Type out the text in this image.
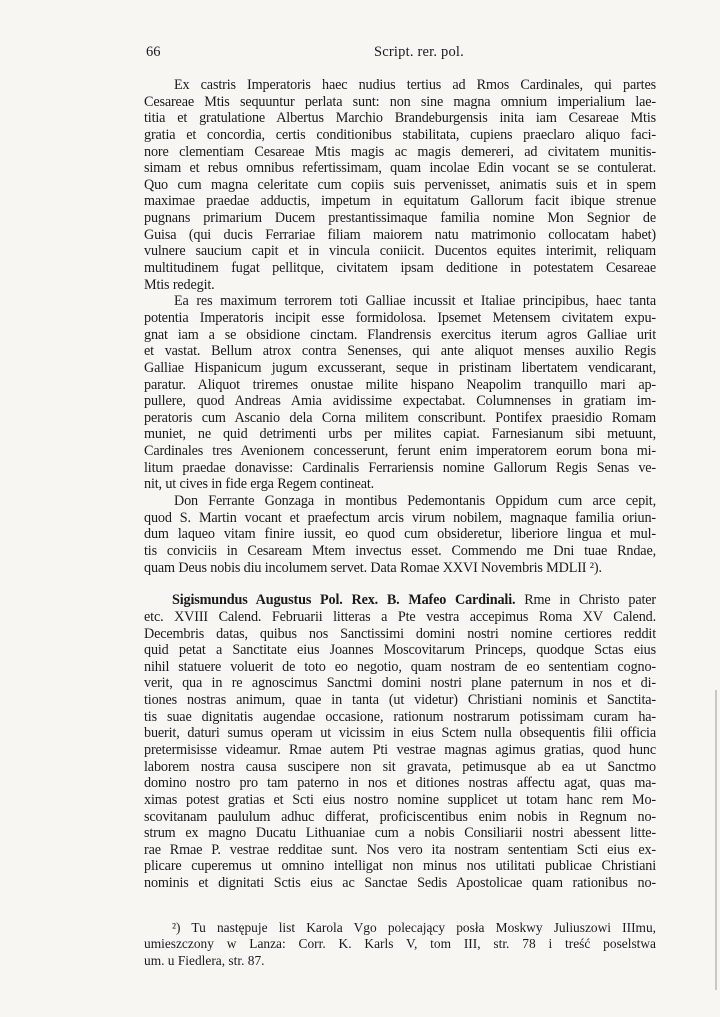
66	Script. rer. pol.
Ex castris Imperatoris haec nudius tertius ad Rmos Cardinales, qui partes
Cesareae Mtis sequuntur perlata sunt: non sine magna omnium imperialium lae-
titia et gratulatione Albertus Marchio Brandeburgensis inita iam Cesareae Mtis
gratia et concordia, certis conditionibus stabilitata, cupiens praeclaro aliquo faci-
nore clementiam Cesareae Mtis magis ac magis demereri, ad civitatem munitis-
simam et rebus omnibus refertissimam, quam incolae Edin vocant se se contulerat.
Quo cum magna celeritate cum copiis suis pervenisset, animatis suis et in spem
maximae praedae adductis, impetum in equitatum Gallorum facit ibique strenue
pugnans primarium Ducem prestantissimaque familia nomine Mon Segnior de
Guisa (qui ducis Ferrariae filiam maiorem natu matrimonio collocatam habet)
vulnere saucium capit et in vincula coniicit. Ducentos equites interimit, reliquam
multitudinem fugat pellitque, civitatem ipsam deditione in potestatem Cesareae
Mtis redegit.
Ea res maximum terrorem toti Galliae incussit et Italiae principibus, haec tanta
potentia Imperatoris incipit esse formidolosa. Ipsemet Metensem civitatem expu-
gnat iam a se obsidione cinctam. Flandrensis exercitus iterum agros Galliae urit
et vastat. Bellum atrox contra Senenses, qui ante aliquot menses auxilio Regis
Galliae Hispanicum jugum excusserant, seque in pristinam libertatem vendicarant,
paratur. Aliquot triremes onustae milite hispano Neapolim tranquillo mari ap-
pullere, quod Andreas Amia avidissime expectabat. Columnenses in gratiam im-
peratoris cum Ascanio dela Corna militem conscribunt. Pontifex praesidio Romam
muniet, ne quid detrimenti urbs per milites capiat. Farnesianum sibi metuunt,
Cardinales tres Avenionem concesserunt, ferunt enim imperatorem eorum bona mi-
litum praedae donavisse: Cardinalis Ferrariensis nomine Gallorum Regis Senas ve-
nit, ut cives in fide erga Regem contineat.
Don Ferrante Gonzaga in montibus Pedemontanis Oppidum cum arce cepit,
quod S. Martin vocant et praefectum arcis virum nobilem, magnaque familia oriun-
dum laqueo vitam finire iussit, eo quod cum obsideretur, liberiore lingua et mul-
tis conviciis in Cesaream Mtem invectus esset. Commendo me Dni tuae Rndae,
quam Deus nobis diu incolumem servet. Data Romae XXVI Novembris MDLII ²).
Sigismundus Augustus Pol. Rex. B. Mafeo Cardinali. Rme in Christo pater
etc. XVIII Calend. Februarii litteras a Pte vestra accepimus Roma XV Calend.
Decembris datas, quibus nos Sanctissimi domini nostri nomine certiores reddit
quid petat a Sanctitate eius Joannes Moscovitarum Princeps, quodque Sctas eius
nihil statuere voluerit de toto eo negotio, quam nostram de eo sententiam cogno-
verit, qua in re agnoscimus Sanctmi domini nostri plane paternum in nos et di-
tiones nostras animum, quae in tanta (ut videtur) Christiani nominis et Sanctita-
tis suae dignitatis augendae occasione, rationum nostrarum potissimam curam ha-
buerit, daturi sumus operam ut vicissim in eius Sctem nulla obsequentis filii officia
pretermisisse videamur. Rmae autem Pti vestrae magnas agimus gratias, quod hunc
laborem nostra causa suscipere non sit gravata, petimusque ab ea ut Sanctmo
domino nostro pro tam paterno in nos et ditiones nostras affectu agat, quas ma-
ximas potest gratias et Scti eius nostro nomine supplicet ut totam hanc rem Mo-
scovitanam paululum adhuc differat, proficiscentibus enim nobis in Regnum no-
strum ex magno Ducatu Lithuaniae cum a nobis Consiliarii nostri abessent litte-
rae Rmae P. vestrae redditae sunt. Nos vero ita nostram sententiam Scti eius ex-
plicare cuperemus ut omnino intelligat non minus nos utilitati publicae Christiani
nominis et dignitati Sctis eius ac Sanctae Sedis Apostolicae quam rationibus no-
²) Tu następuje list Karola Vgo polecający posła Moskwy Juliuszowi IIImu,
umieszczony w Lanza: Corr. K. Karls V, tom III, str. 78 i treść poselstwa
um. u Fiedlera, str. 87.
